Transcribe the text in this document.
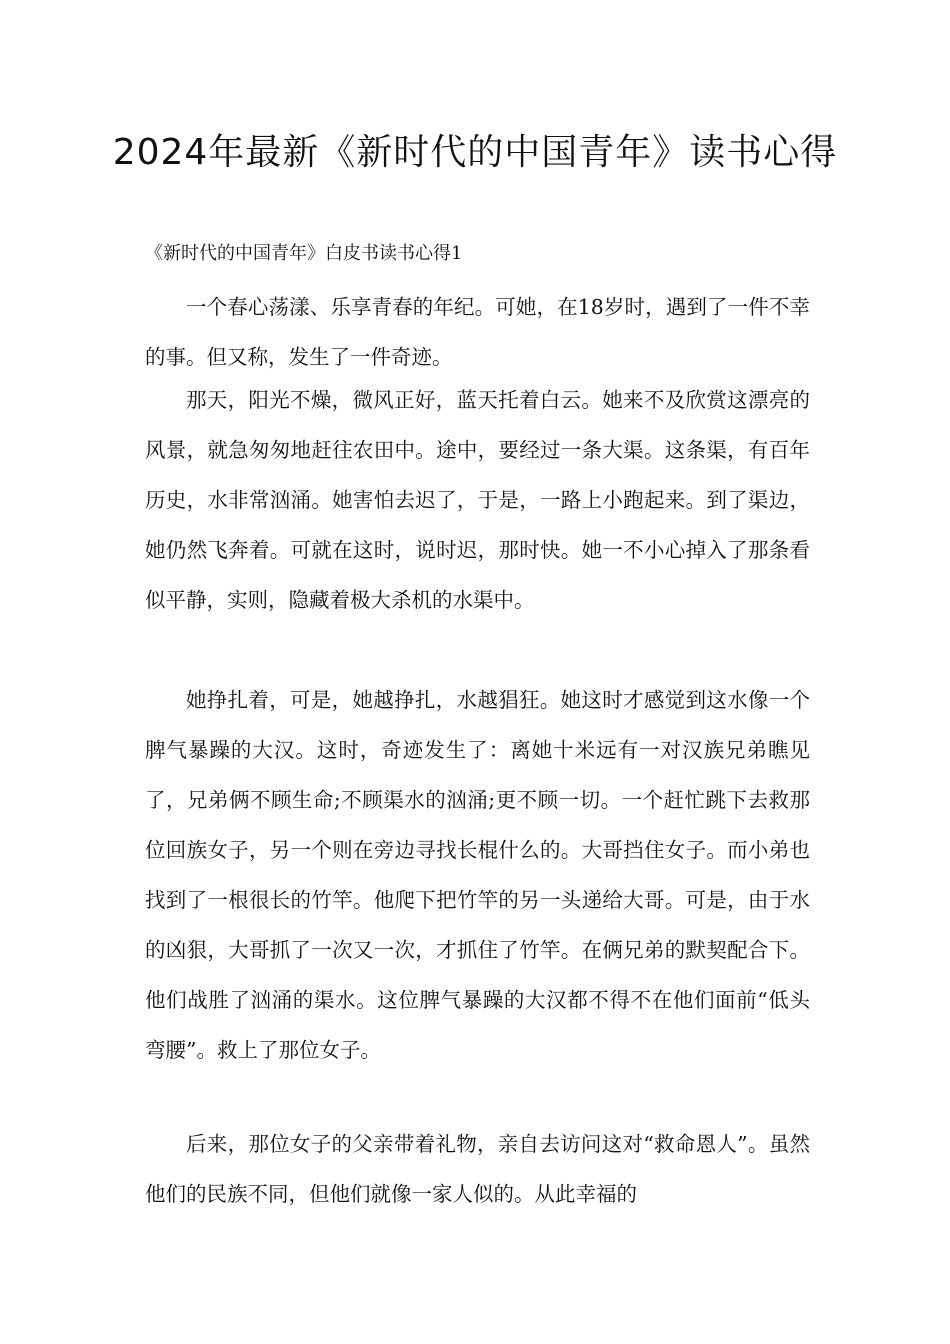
2024年最新《新时代的中国青年》读书心得

《新时代的中国青年》白皮书读书心得1

一个春心荡漾、乐享青春的年纪。可她，在18岁时，遇到了一件不幸的事。但又称，发生了一件奇迹。

那天，阳光不燥，微风正好，蓝天托着白云。她来不及欣赏这漂亮的风景，就急匆匆地赶往农田中。途中，要经过一条大渠。这条渠，有百年历史，水非常汹涌。她害怕去迟了，于是，一路上小跑起来。到了渠边，她仍然飞奔着。可就在这时，说时迟，那时快。她一不小心掉入了那条看似平静，实则，隐藏着极大杀机的水渠中。

她挣扎着，可是，她越挣扎，水越猖狂。她这时才感觉到这水像一个脾气暴躁的大汉。这时，奇迹发生了：离她十米远有一对汉族兄弟瞧见了，兄弟俩不顾生命;不顾渠水的汹涌;更不顾一切。一个赶忙跳下去救那位回族女子，另一个则在旁边寻找长棍什么的。大哥挡住女子。而小弟也找到了一根很长的竹竿。他爬下把竹竿的另一头递给大哥。可是，由于水的凶狠，大哥抓了一次又一次，才抓住了竹竿。在俩兄弟的默契配合下。他们战胜了汹涌的渠水。这位脾气暴躁的大汉都不得不在他们面前“低头弯腰”。救上了那位女子。

后来，那位女子的父亲带着礼物，亲自去访问这对“救命恩人”。虽然他们的民族不同，但他们就像一家人似的。从此幸福的
